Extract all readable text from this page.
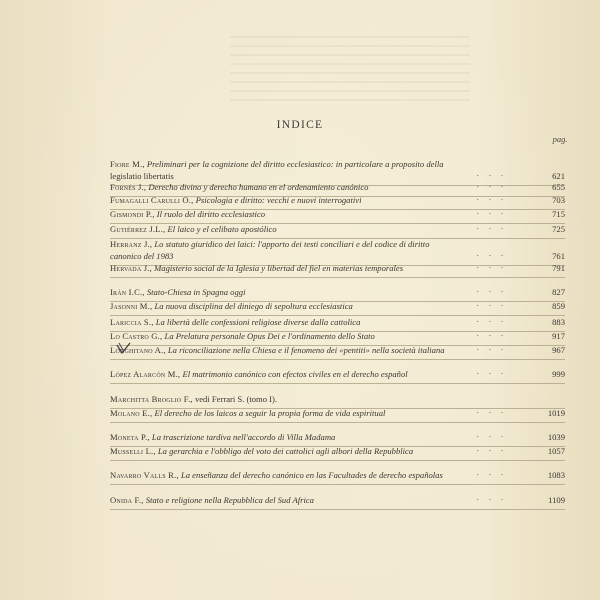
INDICE
pag.
Fiore M., Preliminari per la cognizione del diritto ecclesiastico: in particolare a proposito della legislatio libertatis	. . .	621
Fornés J., Derecho divino y derecho humano en el ordenamiento canónico	. . .	655
Fumagalli Carulli O., Psicologia e diritto: vecchi e nuovi interrogativi	. . .	703
Gismondi P., Il ruolo del diritto ecclesiastico	. . .	715
Gutiérrez J.L., El laico y el celibato apostólico	. . .	725
Herranz J., Lo statuto giuridico dei laici: l'apporto dei testi conciliari e del codice di diritto canonico del 1983	. . .	761
Hervada J., Magisterio social de la Iglesia y libertad del fiel en materias temporales	. . .	791
Irán I.C., Stato-Chiesa in Spagna oggi	. . .	827
Jasonni M., La nuova disciplina del diniego di sepoltura ecclesiastica	. . .	859
Lariccia S., La libertà delle confessioni religiose diverse dalla cattolica	. . .	883
Lo Castro G., La Prelatura personale Opus Dei e l'ordinamento dello Stato	. . .	917
Longhitano A., La riconciliazione nella Chiesa e il fenomeno dei «pentiti» nella società italiana	. . .	967
López Alarcón M., El matrimonio canónico con efectos civiles en el derecho español	. . .	999
Marchitta Broglio F., vedi Ferrari S. (tomo I).
Molano E., El derecho de los laicos a seguir la propia forma de vida espiritual	. . .	1019
Moneta P., La trascrizione tardiva nell'accordo di Villa Madama	. . .	1039
Musselli L., La gerarchia e l'obbligo del voto dei cattolici agli albori della Repubblica	. . .	1057
Navarro Valls R., La enseñanza del derecho canónico en las Facultades de derecho españolas	. . .	1083
Onida F., Stato e religione nella Repubblica del Sud Africa	. . .	1109
